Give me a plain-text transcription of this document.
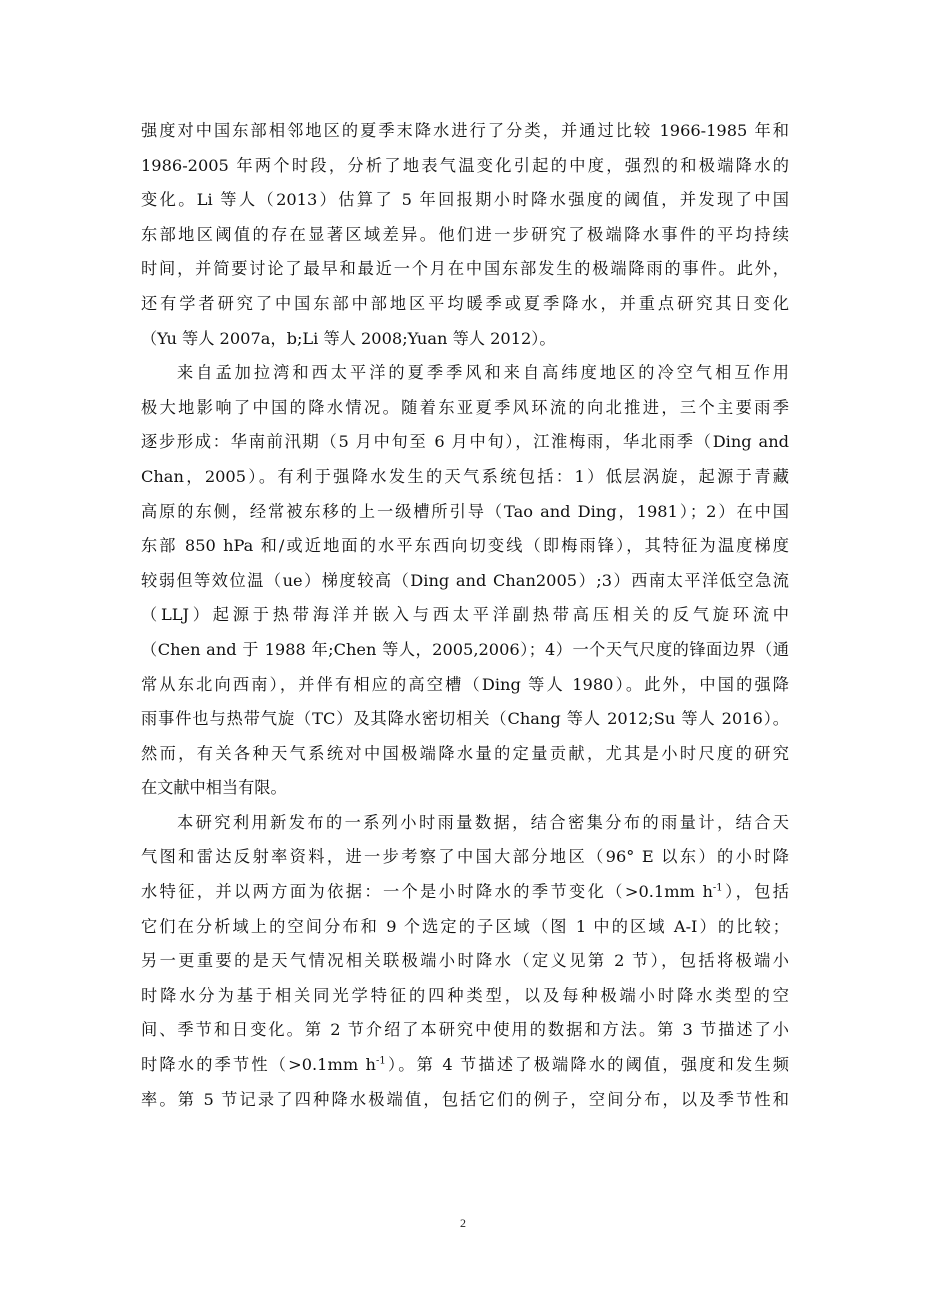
强度对中国东部相邻地区的夏季末降水进行了分类，并通过比较 1966-1985 年和
1986-2005 年两个时段，分析了地表气温变化引起的中度，强烈的和极端降水的
变化。Li 等人（2013）估算了 5 年回报期小时降水强度的阈值，并发现了中国
东部地区阈值的存在显著区域差异。他们进一步研究了极端降水事件的平均持续
时间，并简要讨论了最早和最近一个月在中国东部发生的极端降雨的事件。此外，
还有学者研究了中国东部中部地区平均暖季或夏季降水，并重点研究其日变化
（Yu 等人 2007a，b;Li 等人 2008;Yuan 等人 2012）。
来自孟加拉湾和西太平洋的夏季季风和来自高纬度地区的冷空气相互作用
极大地影响了中国的降水情况。随着东亚夏季风环流的向北推进，三个主要雨季
逐步形成：华南前汛期（5 月中旬至 6 月中旬），江淮梅雨，华北雨季（Ding and
Chan，2005）。有利于强降水发生的天气系统包括：1）低层涡旋，起源于青藏
高原的东侧，经常被东移的上一级槽所引导（Tao and Ding，1981）；2）在中国
东部 850 hPa 和/或近地面的水平东西向切变线（即梅雨锋），其特征为温度梯度
较弱但等效位温（ue）梯度较高（Ding and Chan2005）;3）西南太平洋低空急流
（LLJ）起源于热带海洋并嵌入与西太平洋副热带高压相关的反气旋环流中
（Chen and 于 1988 年;Chen 等人，2005,2006）；4）一个天气尺度的锋面边界（通
常从东北向西南），并伴有相应的高空槽（Ding 等人 1980）。此外，中国的强降
雨事件也与热带气旋（TC）及其降水密切相关（Chang 等人 2012;Su 等人 2016）。
然而，有关各种天气系统对中国极端降水量的定量贡献，尤其是小时尺度的研究
在文献中相当有限。
本研究利用新发布的一系列小时雨量数据，结合密集分布的雨量计，结合天
气图和雷达反射率资料，进一步考察了中国大部分地区（96° E 以东）的小时降
水特征，并以两方面为依据：一个是小时降水的季节变化（>0.1mm $h^{-1}$），包括
它们在分析域上的空间分布和 9 个选定的子区域（图 1 中的区域 A-I）的比较；
另一更重要的是天气情况相关联极端小时降水（定义见第 2 节），包括将极端小
时降水分为基于相关同光学特征的四种类型，以及每种极端小时降水类型的空
间、季节和日变化。第 2 节介绍了本研究中使用的数据和方法。第 3 节描述了小
时降水的季节性（>0.1mm $h^{-1}$）。第 4 节描述了极端降水的阈值，强度和发生频
率。第 5 节记录了四种降水极端值，包括它们的例子，空间分布，以及季节性和
2
